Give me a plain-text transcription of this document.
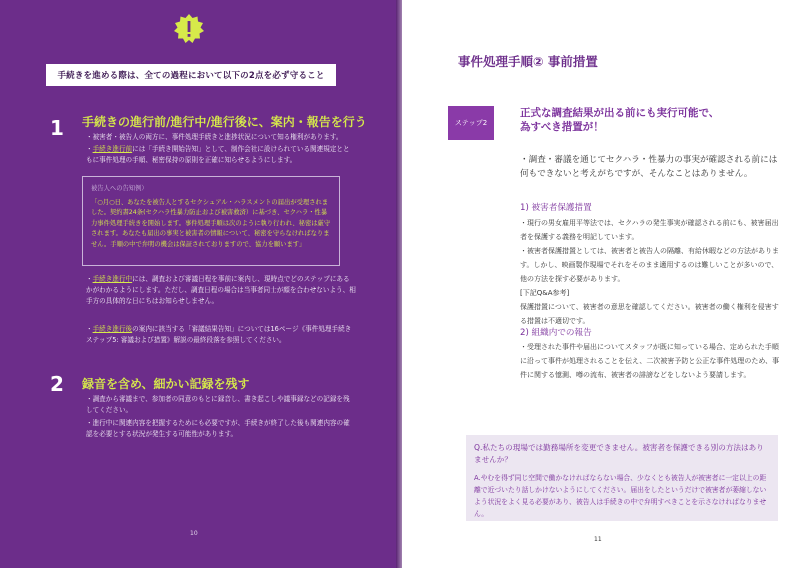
手続きを進める際は、全ての過程において以下の2点を必ず守ること
1 手続きの進行前/進行中/進行後に、案内・報告を行う
・被害者・被告人の両方に、事件処理手続きと進捗状況について知る権利があります。
・手続き進行前には「手続き開始告知」として、制作会社に設けられている関連規定とともに事件処理の手順、秘密保持の原則を正確に知らせるようにします。
被告人への告知例）
「○月○日、あなたを被告人とするセクシュアル・ハラスメントの届出が受理されました。契約書24条(セクハラ性暴力防止および被害救済）に基づき、セクハラ・性暴力事件処理手続きを開始します。事件処理手順は次のように執り行われ、秘密は厳守されます。あなたも届出の事実と被害者の情報について、秘密を守らなければなりません。手順の中で弁明の機会は保証されておりますので、協力を願います」
・手続き進行中には、調査および審議日程を事前に案内し、現時点でどのステップにあるかがわかるようにします。ただし、調査日程の場合は当事者同士が顔を合わせないよう、相手方の具体的な日にちはお知らせしません。
・手続き進行後の案内に該当する「審議結果告知」については16ページ《事件処理手続きステップ5: 審議および措置》解説の最終段落を参照してください。
2 録音を含め、細かい記録を残す
・調査から審議まで、参加者の同意のもとに録音し、書き起こしや議事録などの記録を残してください。
・進行中に関連内容を把握するためにも必要ですが、手続きが終了した後も関連内容の確認を必要とする状況が発生する可能性があります。
10
事件処理手順② 事前措置
ステップ2
正式な調査結果が出る前にも実行可能で、
為すべき措置が！
・調査・審議を通じてセクハラ・性暴力の事実が確認される前には何もできないと考えがちですが、そんなことはありません。
1) 被害者保護措置
・現行の男女雇用平等法では、セクハラの発生事実が確認される前にも、被害届出者を保護する義務を明記しています。
・被害者保護措置としては、被害者と被告人の隔離、有給休暇などの方法があります。しかし、映画製作現場でそれをそのまま適用するのは難しいことが多いので、他の方法を探す必要があります。
[下記Q&A参考]
保護措置について、被害者の意思を確認してください。被害者の働く権利を侵害する措置は不適切です。
2) 組織内での報告
・受理された事件や届出についてスタッフが既に知っている場合、定められた手順に沿って事件が処理されることを伝え、二次被害予防と公正な事件処理のため、事件に関する憶測、噂の流布、被害者の誹謗などをしないよう要請します。
Q.私たちの現場では勤務場所を変更できません。被害者を保護できる別の方法はありませんか？
A.やむを得ず同じ空間で働かなければならない場合、少なくとも被告人が被害者に一定以上の距離で近づいたり話しかけないようにしてください。届出をしたというだけで被害者が萎縮しないよう状況をよく見る必要があり、被告人は手続きの中で弁明すべきことを示さなければなりません。
11
